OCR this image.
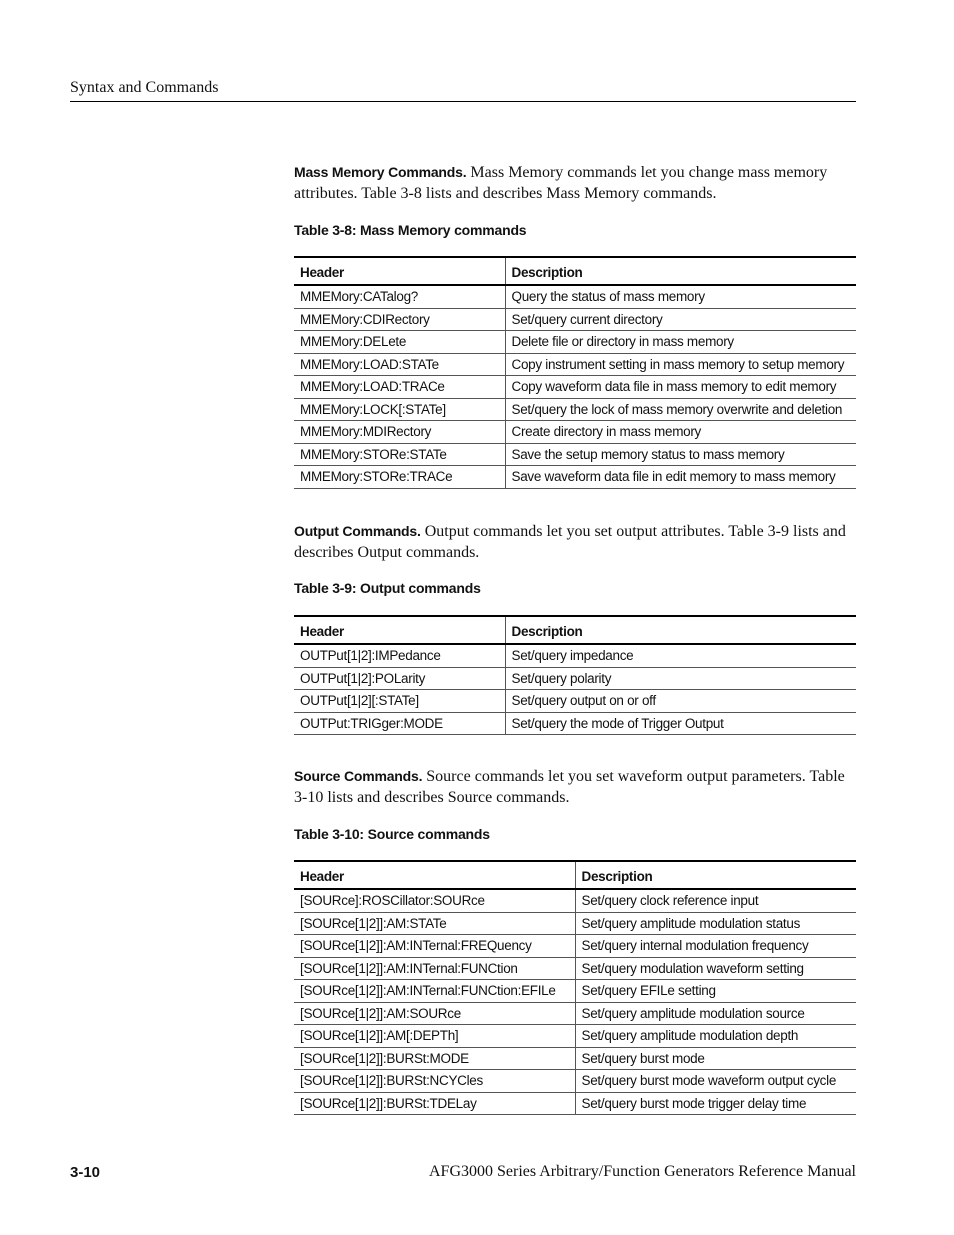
Syntax and Commands

Mass Memory Commands. Mass Memory commands let you change mass memory attributes. Table 3-8 lists and describes Mass Memory commands.

Table 3-8: Mass Memory commands

Header	Description
MMEMory:CATalog?	Query the status of mass memory
MMEMory:CDIRectory	Set/query current directory
MMEMory:DELete	Delete file or directory in mass memory
MMEMory:LOAD:STATe	Copy instrument setting in mass memory to setup memory
MMEMory:LOAD:TRACe	Copy waveform data file in mass memory to edit memory
MMEMory:LOCK[:STATe]	Set/query the lock of mass memory overwrite and deletion
MMEMory:MDIRectory	Create directory in mass memory
MMEMory:STORe:STATe	Save the setup memory status to mass memory
MMEMory:STORe:TRACe	Save waveform data file in edit memory to mass memory

Output Commands. Output commands let you set output attributes. Table 3-9 lists and describes Output commands.

Table 3-9: Output commands

Header	Description
OUTPut[1|2]:IMPedance	Set/query impedance
OUTPut[1|2]:POLarity	Set/query polarity
OUTPut[1|2][:STATe]	Set/query output on or off
OUTPut:TRIGger:MODE	Set/query the mode of Trigger Output

Source Commands. Source commands let you set waveform output parameters. Table 3-10 lists and describes Source commands.

Table 3-10: Source commands

Header	Description
[SOURce]:ROSCillator:SOURce	Set/query clock reference input
[SOURce[1|2]]:AM:STATe	Set/query amplitude modulation status
[SOURce[1|2]]:AM:INTernal:FREQuency	Set/query internal modulation frequency
[SOURce[1|2]]:AM:INTernal:FUNCtion	Set/query modulation waveform setting
[SOURce[1|2]]:AM:INTernal:FUNCtion:EFILe	Set/query EFILe setting
[SOURce[1|2]]:AM:SOURce	Set/query amplitude modulation source
[SOURce[1|2]]:AM[:DEPTh]	Set/query amplitude modulation depth
[SOURce[1|2]]:BURSt:MODE	Set/query burst mode
[SOURce[1|2]]:BURSt:NCYCles	Set/query burst mode waveform output cycle
[SOURce[1|2]]:BURSt:TDELay	Set/query burst mode trigger delay time
3-10	AFG3000 Series Arbitrary/Function Generators Reference Manual
